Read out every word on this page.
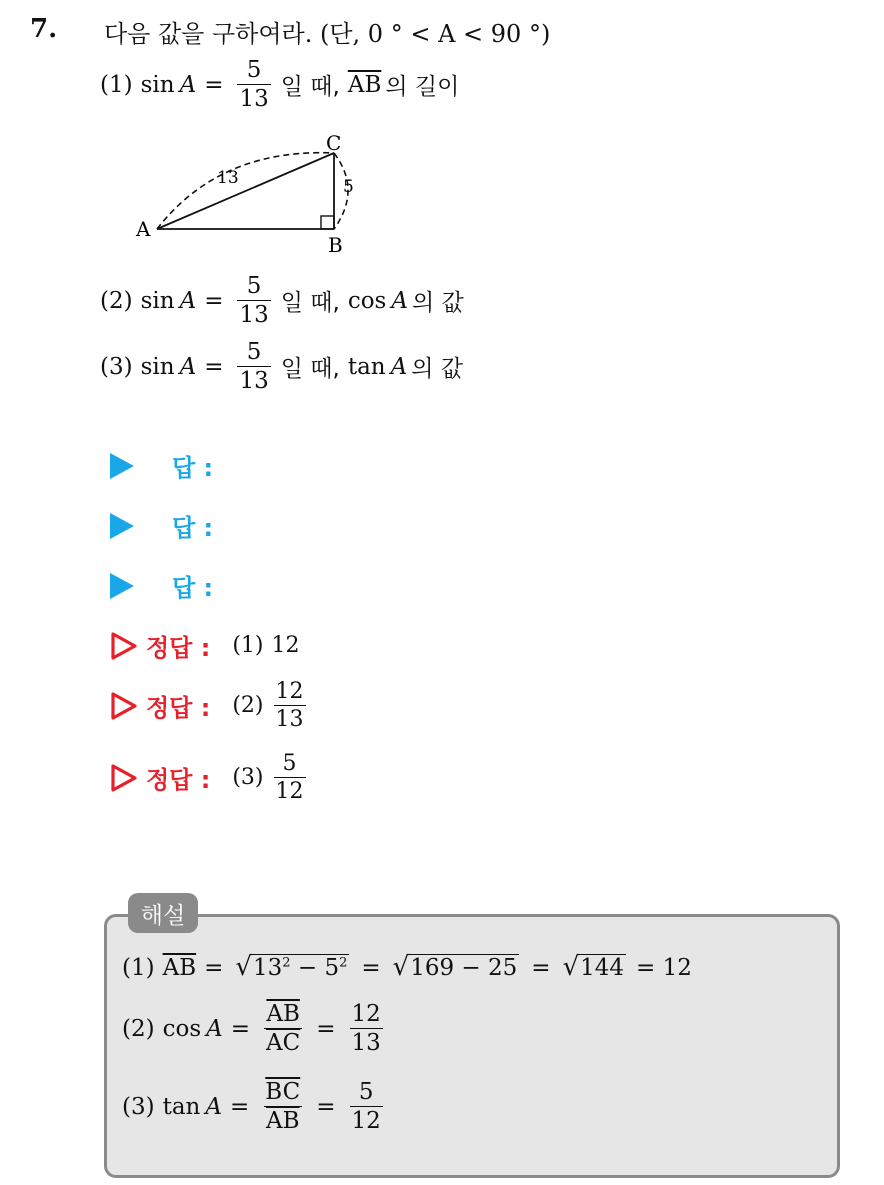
7. 다음 값을 구하여라. (단, 0 ° < A < 90 °)
(1) $\sin A = \frac{5}{13}$ 일 때, $\overline{AB}$ 의 길이
A
B
C
13	5
(2) $\sin A = \frac{5}{13}$ 일 때, cos A 의 값
(3) $\sin A = \frac{5}{13}$ 일 때, tan A 의 값
답 :
답 :
답 :
정답 : (1) 12
정답 : $(2) \frac{12}{13}$
정답 : $(3) \frac{5}{12}$
해설
(1) $\overline{AB}$ = √ $13^2 - 5^2$ = √ 169 − 25 = √ 144 = 12
(2) $\cos A = \frac{\overline{AB}}{AC} = \frac{12}{13}$
(3) $\tan A = \frac{\overline{BC}}{AB} = \frac{5}{12}$
